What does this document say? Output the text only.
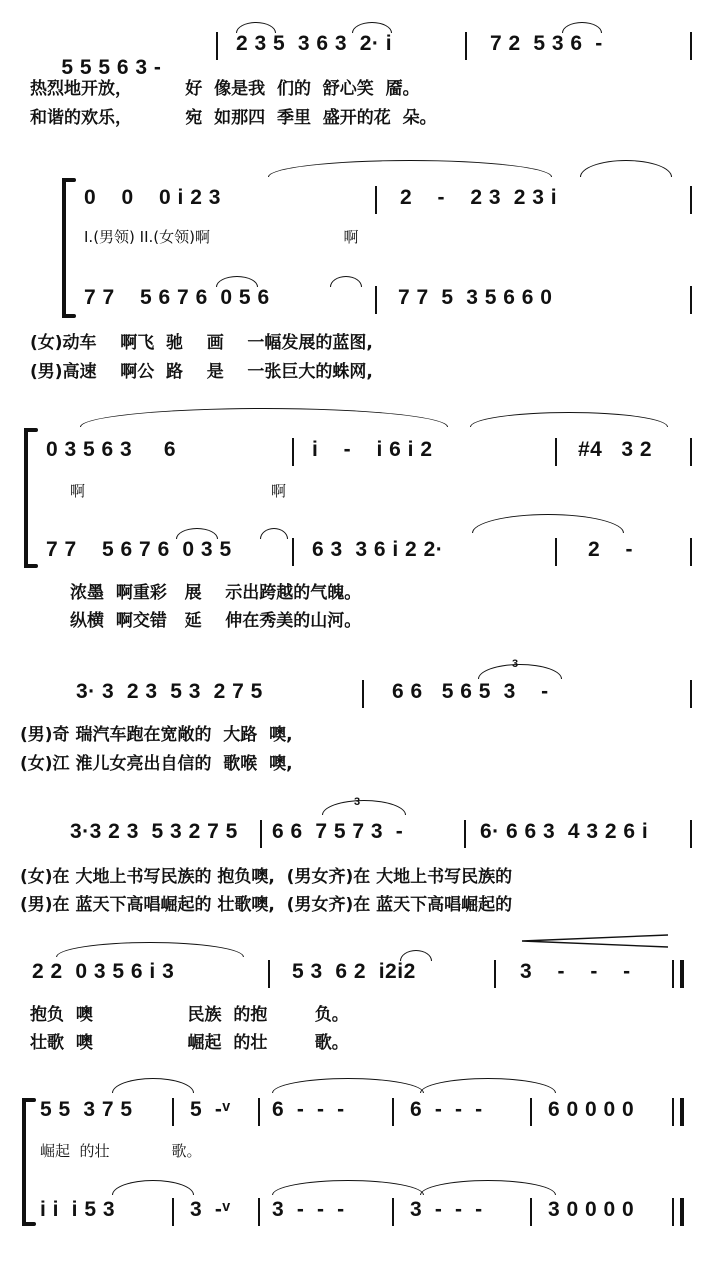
5 5 5 6 3 -

2 3 5  3 6 3  2· i	7 2  5 3 6  -
热烈地开放，         好  像是我  们的  舒心笑  靥。
和谐的欢乐，         宛  如那四  季里  盛开的花  朵。
0    0    0 i 2 3	2    -    2 3  2 3 i
I.(男领) II.(女领)啊                            啊
7 7    5 6 7 6  0 5 6	7 7  5  3 5 6 6 0
(女)动车    啊飞  驰    画    一幅发展的蓝图,
(男)高速    啊公  路    是    一张巨大的蛛网,
0 3 5 6 3     6	i    -    i 6 i 2	#4   3 2
啊                                       啊
7 7    5 6 7 6  0 3 5	6 3  3 6 i 2 2·	2    -
浓墨  啊重彩   展    示出跨越的气魄。
纵横  啊交错   延    伸在秀美的山河。
3· 3  2 3  5 3  2 7 5	6 6   5 6 5  3    -
3
(男)奇 瑞汽车跑在宽敞的  大路  噢,
(女)江 淮儿女亮出自信的  歌喉  噢,
3·3 2 3  5 3 2 7 5 6 6  7 5 7 3  -	6· 6 6 3  4 3 2 6 i
3
(女)在 大地上书写民族的 抱负噢,  (男女齐)在 大地上书写民族的
(男)在 蓝天下高唱崛起的 壮歌噢,  (男女齐)在 蓝天下高唱崛起的
2 2  0 3 5 6 i 3	5 3  6 2  i2i2	3    -    -    -
抱负  噢                民族  的抱        负。
壮歌  噢                崛起  的壮        歌。
5 5  3 7 5	5  -ᵛ 6  -  -  -	6  -  -  -	6 0 0 0 0
崛起  的壮             歌。
i i  i 5 3	3  -ᵛ 3  -  -  -	3  -  -  -	3 0 0 0 0
